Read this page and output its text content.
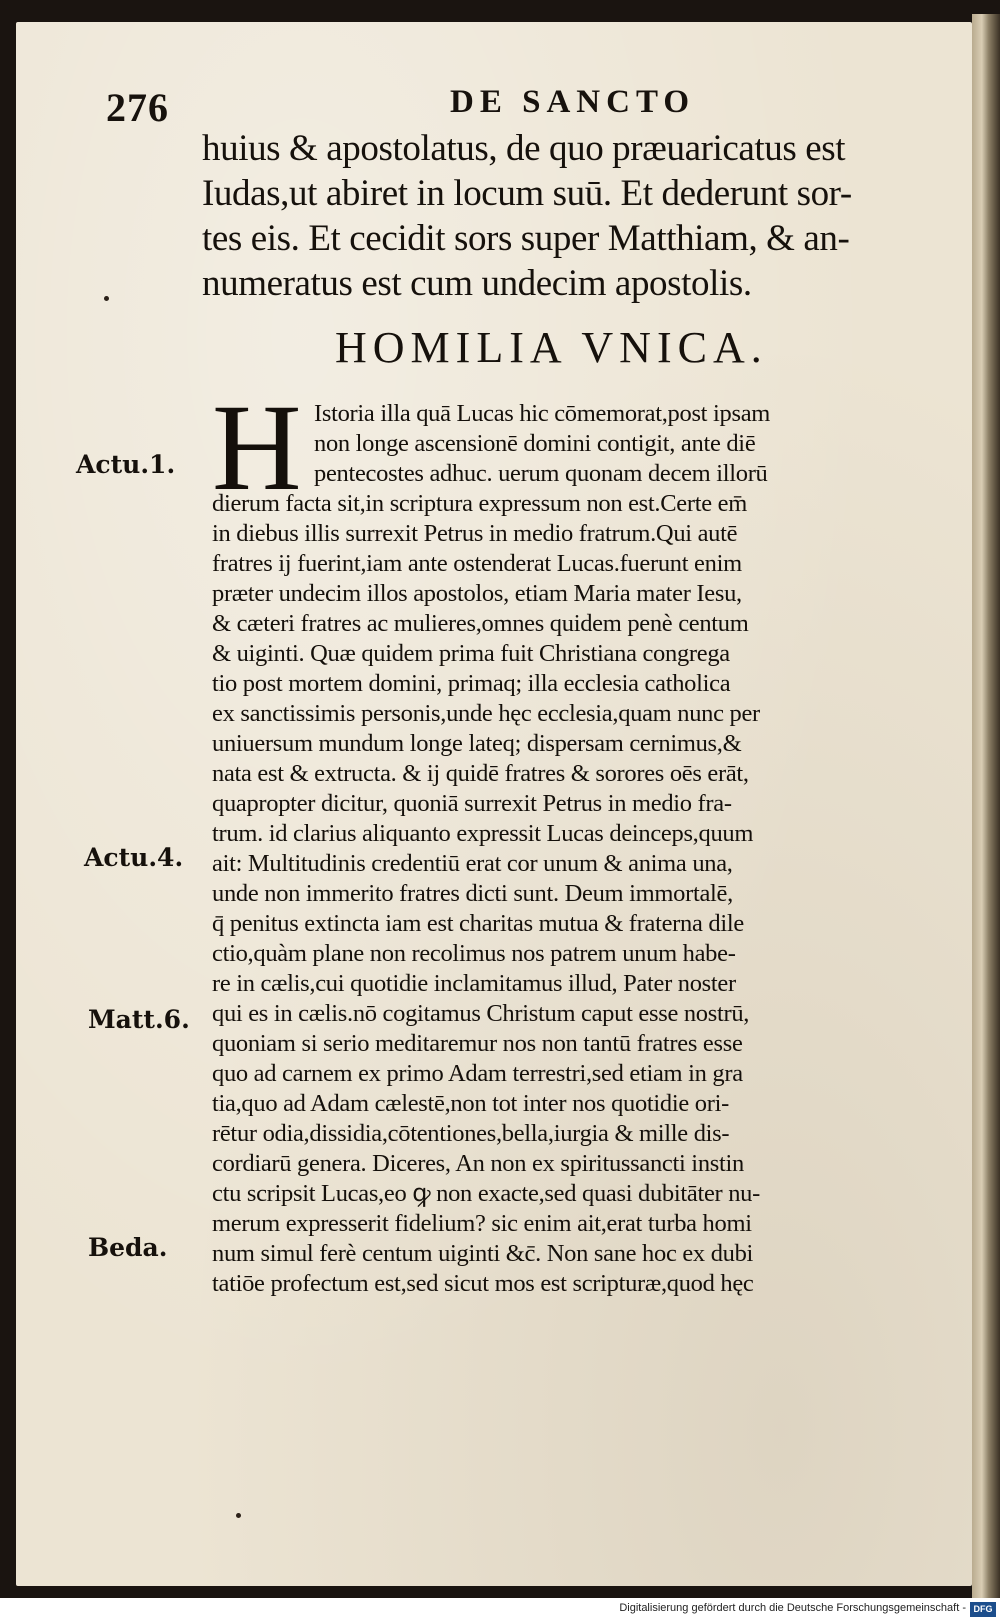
276	DE SANCTO
huius & apostolatus, de quo præuaricatus est
Iudas,ut abiret in locum suū. Et dederunt sor-
tes eis. Et cecidit sors super Matthiam, & an-
numeratus est cum undecim apostolis.
HOMILIA VNICA.
H Istoria illa quā Lucas hic cōmemorat,post ipsam
non longe ascensionē domini contigit, ante diē
pentecostes adhuc. uerum quonam decem illorū
dierum facta sit,in scriptura expressum non est.Certe em̄
in diebus illis surrexit Petrus in medio fratrum.Qui autē
fratres ij fuerint,iam ante ostenderat Lucas.fuerunt enim
præter undecim illos apostolos, etiam Maria mater Iesu,
& cæteri fratres ac mulieres,omnes quidem penè centum
& uiginti. Quæ quidem prima fuit Christiana congrega
tio post mortem domini, primaq; illa ecclesia catholica
ex sanctissimis personis,unde hęc ecclesia,quam nunc per
uniuersum mundum longe lateq; dispersam cernimus,&
nata est & extructa. & ij quidē fratres & sorores oēs erāt,
quapropter dicitur, quoniā surrexit Petrus in medio fra-
trum. id clarius aliquanto expressit Lucas deinceps,quum
ait: Multitudinis credentiū erat cor unum & anima una,
unde non immerito fratres dicti sunt. Deum immortalē,
q̄ penitus extincta iam est charitas mutua & fraterna dile
ctio,quàm plane non recolimus nos patrem unum habe-
re in cælis,cui quotidie inclamitamus illud, Pater noster
qui es in cælis.nō cogitamus Christum caput esse nostrū,
quoniam si serio meditaremur nos non tantū fratres esse
quo ad carnem ex primo Adam terrestri,sed etiam in gra
tia,quo ad Adam cælestē,non tot inter nos quotidie ori-
rētur odia,dissidia,cōtentiones,bella,iurgia & mille dis-
cordiarū genera. Diceres, An non ex spiritussancti instin
ctu scripsit Lucas,eo ꝙ non exacte,sed quasi dubitāter nu-
merum expresserit fidelium? sic enim ait,erat turba homi
num simul ferè centum uiginti &c̄. Non sane hoc ex dubi
tatiōe profectum est,sed sicut mos est scripturæ,quod hęc
Actu.1.
Actu.4.
Matt.6.
Beda.
Digitalisierung gefördert durch die Deutsche Forschungsgemeinschaft - DFG
